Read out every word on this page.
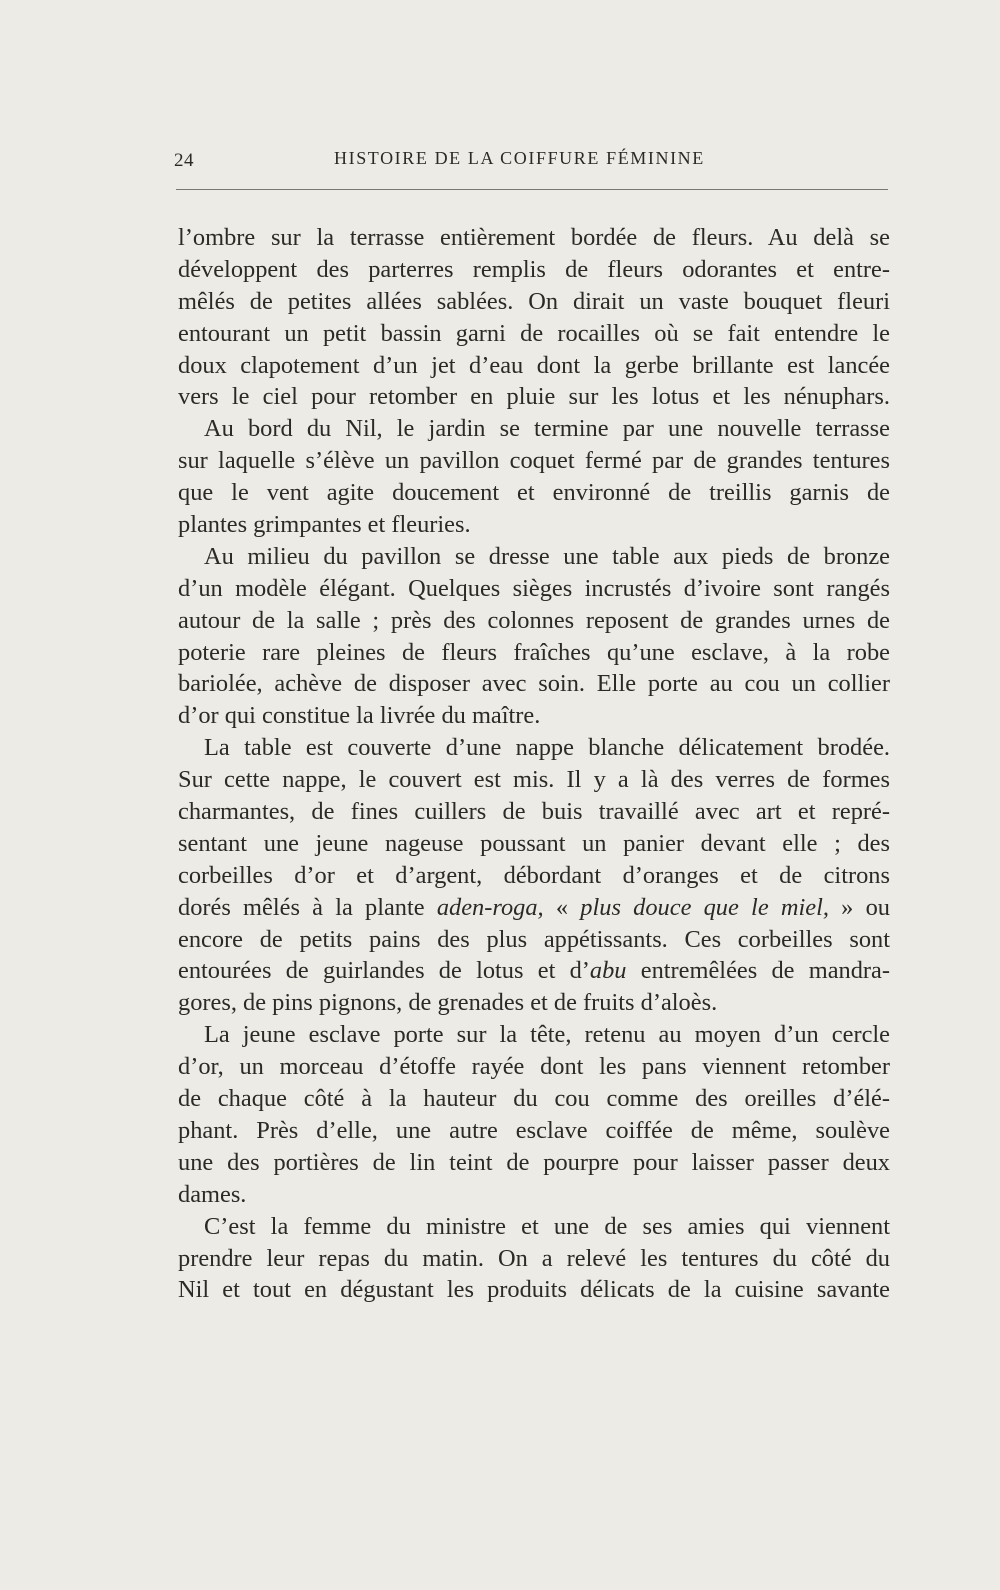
24	HISTOIRE DE LA COIFFURE FÉMININE
l’ombre sur la terrasse entièrement bordée de fleurs. Au delà se
développent des parterres remplis de fleurs odorantes et entre-
mêlés de petites allées sablées. On dirait un vaste bouquet fleuri
entourant un petit bassin garni de rocailles où se fait entendre le
doux clapotement d’un jet d’eau dont la gerbe brillante est lancée
vers le ciel pour retomber en pluie sur les lotus et les nénuphars.
Au bord du Nil, le jardin se termine par une nouvelle terrasse
sur laquelle s’élève un pavillon coquet fermé par de grandes tentures
que le vent agite doucement et environné de treillis garnis de
plantes grimpantes et fleuries.
Au milieu du pavillon se dresse une table aux pieds de bronze
d’un modèle élégant. Quelques sièges incrustés d’ivoire sont rangés
autour de la salle ; près des colonnes reposent de grandes urnes de
poterie rare pleines de fleurs fraîches qu’une esclave, à la robe
bariolée, achève de disposer avec soin. Elle porte au cou un collier
d’or qui constitue la livrée du maître.
La table est couverte d’une nappe blanche délicatement brodée.
Sur cette nappe, le couvert est mis. Il y a là des verres de formes
charmantes, de fines cuillers de buis travaillé avec art et repré-
sentant une jeune nageuse poussant un panier devant elle ; des
corbeilles d’or et d’argent, débordant d’oranges et de citrons
dorés mêlés à la plante aden-roga, « plus douce que le miel, » ou
encore de petits pains des plus appétissants. Ces corbeilles sont
entourées de guirlandes de lotus et d’abu entremêlées de mandra-
gores, de pins pignons, de grenades et de fruits d’aloès.
La jeune esclave porte sur la tête, retenu au moyen d’un cercle
d’or, un morceau d’étoffe rayée dont les pans viennent retomber
de chaque côté à la hauteur du cou comme des oreilles d’élé-
phant. Près d’elle, une autre esclave coiffée de même, soulève
une des portières de lin teint de pourpre pour laisser passer deux
dames.
C’est la femme du ministre et une de ses amies qui viennent
prendre leur repas du matin. On a relevé les tentures du côté du
Nil et tout en dégustant les produits délicats de la cuisine savante
